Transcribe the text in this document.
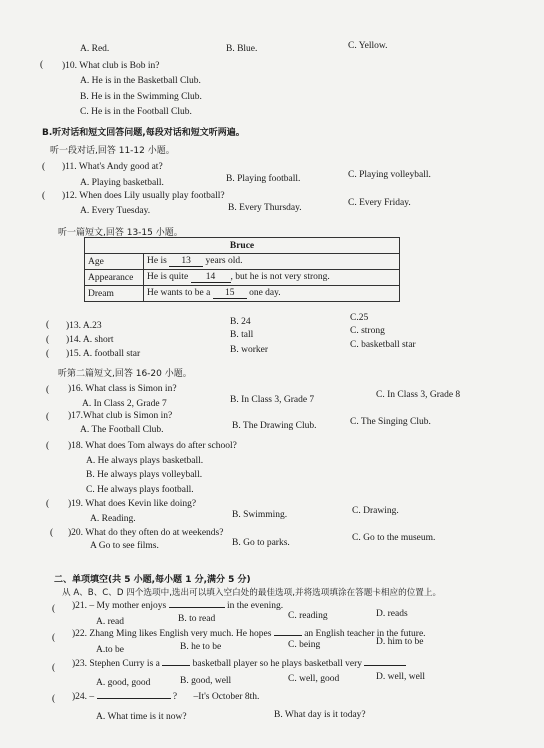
A. Red.	B. Blue.	C. Yellow.
( )10. What club is Bob in?
A. He is in the Basketball Club.
B. He is in the Swimming Club.
C. He is in the Football Club.
B.听对话和短文回答问题,每段对话和短文听两遍。
听一段对话,回答 11-12 小题。
( )11. What's Andy good at?
A. Playing basketball.	B. Playing football.	C. Playing volleyball.
( )12. When does Lily usually play football?
A. Every Tuesday.	B. Every Thursday.	C. Every Friday.
听一篇短文,回答 13-15 小题。
Bruce	
Age	He is 13 years old.
Appearance	He is quite 14 , but he is not very strong.
Dream	He wants to be a 15 one day.
( )13. A.23	B. 24	C.25
( )14. A. short	B. tall	C. strong
( )15. A. football star	B. worker	C. basketball star
听第二篇短文,回答 16-20 小题。
( )16. What class is Simon in?
A. In Class 2, Grade 7	B. In Class 3, Grade 7	C. In Class 3, Grade 8
( )17.What club is Simon in?
A. The Football Club.	B. The Drawing Club.	C. The Singing Club.
( )18. What does Tom always do after school?
A. He always plays basketball.
B. He always plays volleyball.
C. He always plays football.
( )19. What does Kevin like doing?
A. Reading.	B. Swimming.	C. Drawing.
( )20. What do they often do at weekends?
A Go to see films.	B. Go to parks.	C. Go to the museum.
二、单项填空(共 5 小题,每小题 1 分,满分 5 分)
从 A、B、C、D 四个选项中,选出可以填入空白处的最佳选项,并将选项填涂在答题卡相应的位置上。
( )21. – My mother enjoys	in the evening.
A. read	B. to read	C. reading	D. reads
( )22. Zhang Ming likes English very much. He hopes	an English teacher in the future.
A.to be	B. he to be	C. being	D. him to be
( )23. Stephen Curry is a	basketball player so he plays basketball very
A. good, good	B. good, well	C. well, good	D. well, well
( )24. –	? –It's October 8th.
A. What time is it now?	B. What day is it today?
